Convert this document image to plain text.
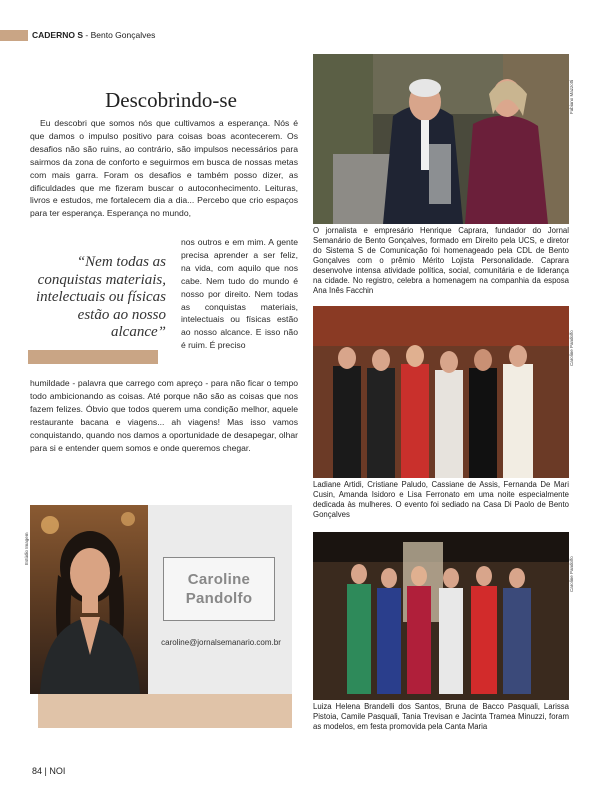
CADERNO S - Bento Gonçalves
Descobrindo-se

Eu descobri que somos nós que cultivamos a esperança. Nós é que damos o impulso positivo para coisas boas acontecerem. Os desafios não são ruins, ao contrário, são impulsos necessários para sairmos da zona de conforto e seguirmos em busca de nossas metas com mais garra. Foram os desafios e também posso dizer, as dificuldades que me fizeram buscar o autoconhecimento. Leituras, livros e estudos, me fortalecem dia a dia... Percebo que crio espaços para ter esperança. Esperança no mundo,

“Nem todas as conquistas materiais, intelectuais ou físicas estão ao nosso alcance”

nos outros e em mim. A gente precisa aprender a ser feliz, na vida, com aquilo que nos cabe. Nem tudo do mundo é nosso por direito. Nem todas as conquistas materiais, intelectuais ou físicas estão ao nosso alcance. E isso não é ruim. É preciso

humildade - palavra que carrego com apreço - para não ficar o tempo todo ambicionando as coisas. Até porque não são as coisas que nos fazem felizes. Óbvio que todos querem uma condição melhor, aquele restaurante bacana e viagens... ah viagens! Mas isso vamos conquistando, quando nos damos a oportunidade de desapegar, olhar para si e entender quem somos e onde queremos chegar.

Estúdio Imagem
Caroline
Pandolfo
caroline@jornalsemanario.com.br
Fabiano Mazzotti

O jornalista e empresário Henrique Caprara, fundador do Jornal Semanário de Bento Gonçalves, formado em Direito pela UCS, e diretor do Sistema S de Comunicação foi homenageado pela CDL de Bento Gonçalves com o prêmio Mérito Lojista Personalidade. Caprara desenvolve intensa atividade política, social, comunitária e de liderança na cidade. No registro, celebra a homenagem na companhia da esposa Ana Inês Facchin

Caroline Pandolfo

Ladiane Artidi, Cristiane Paludo, Cassiane de Assis, Fernanda De Mari Cusin, Amanda Isidoro e Lisa Ferronato em uma noite especialmente dedicada às mulheres. O evento foi sediado na Casa Di Paolo de Bento Gonçalves

Caroline Pandolfo

Luiza Helena Brandelli dos Santos, Bruna de Bacco Pasquali, Larissa Pistoia, Camile Pasquali, Tania Trevisan e Jacinta Tramea Minuzzi, foram as modelos, em festa promovida pela Canta Maria

84 | NOI
